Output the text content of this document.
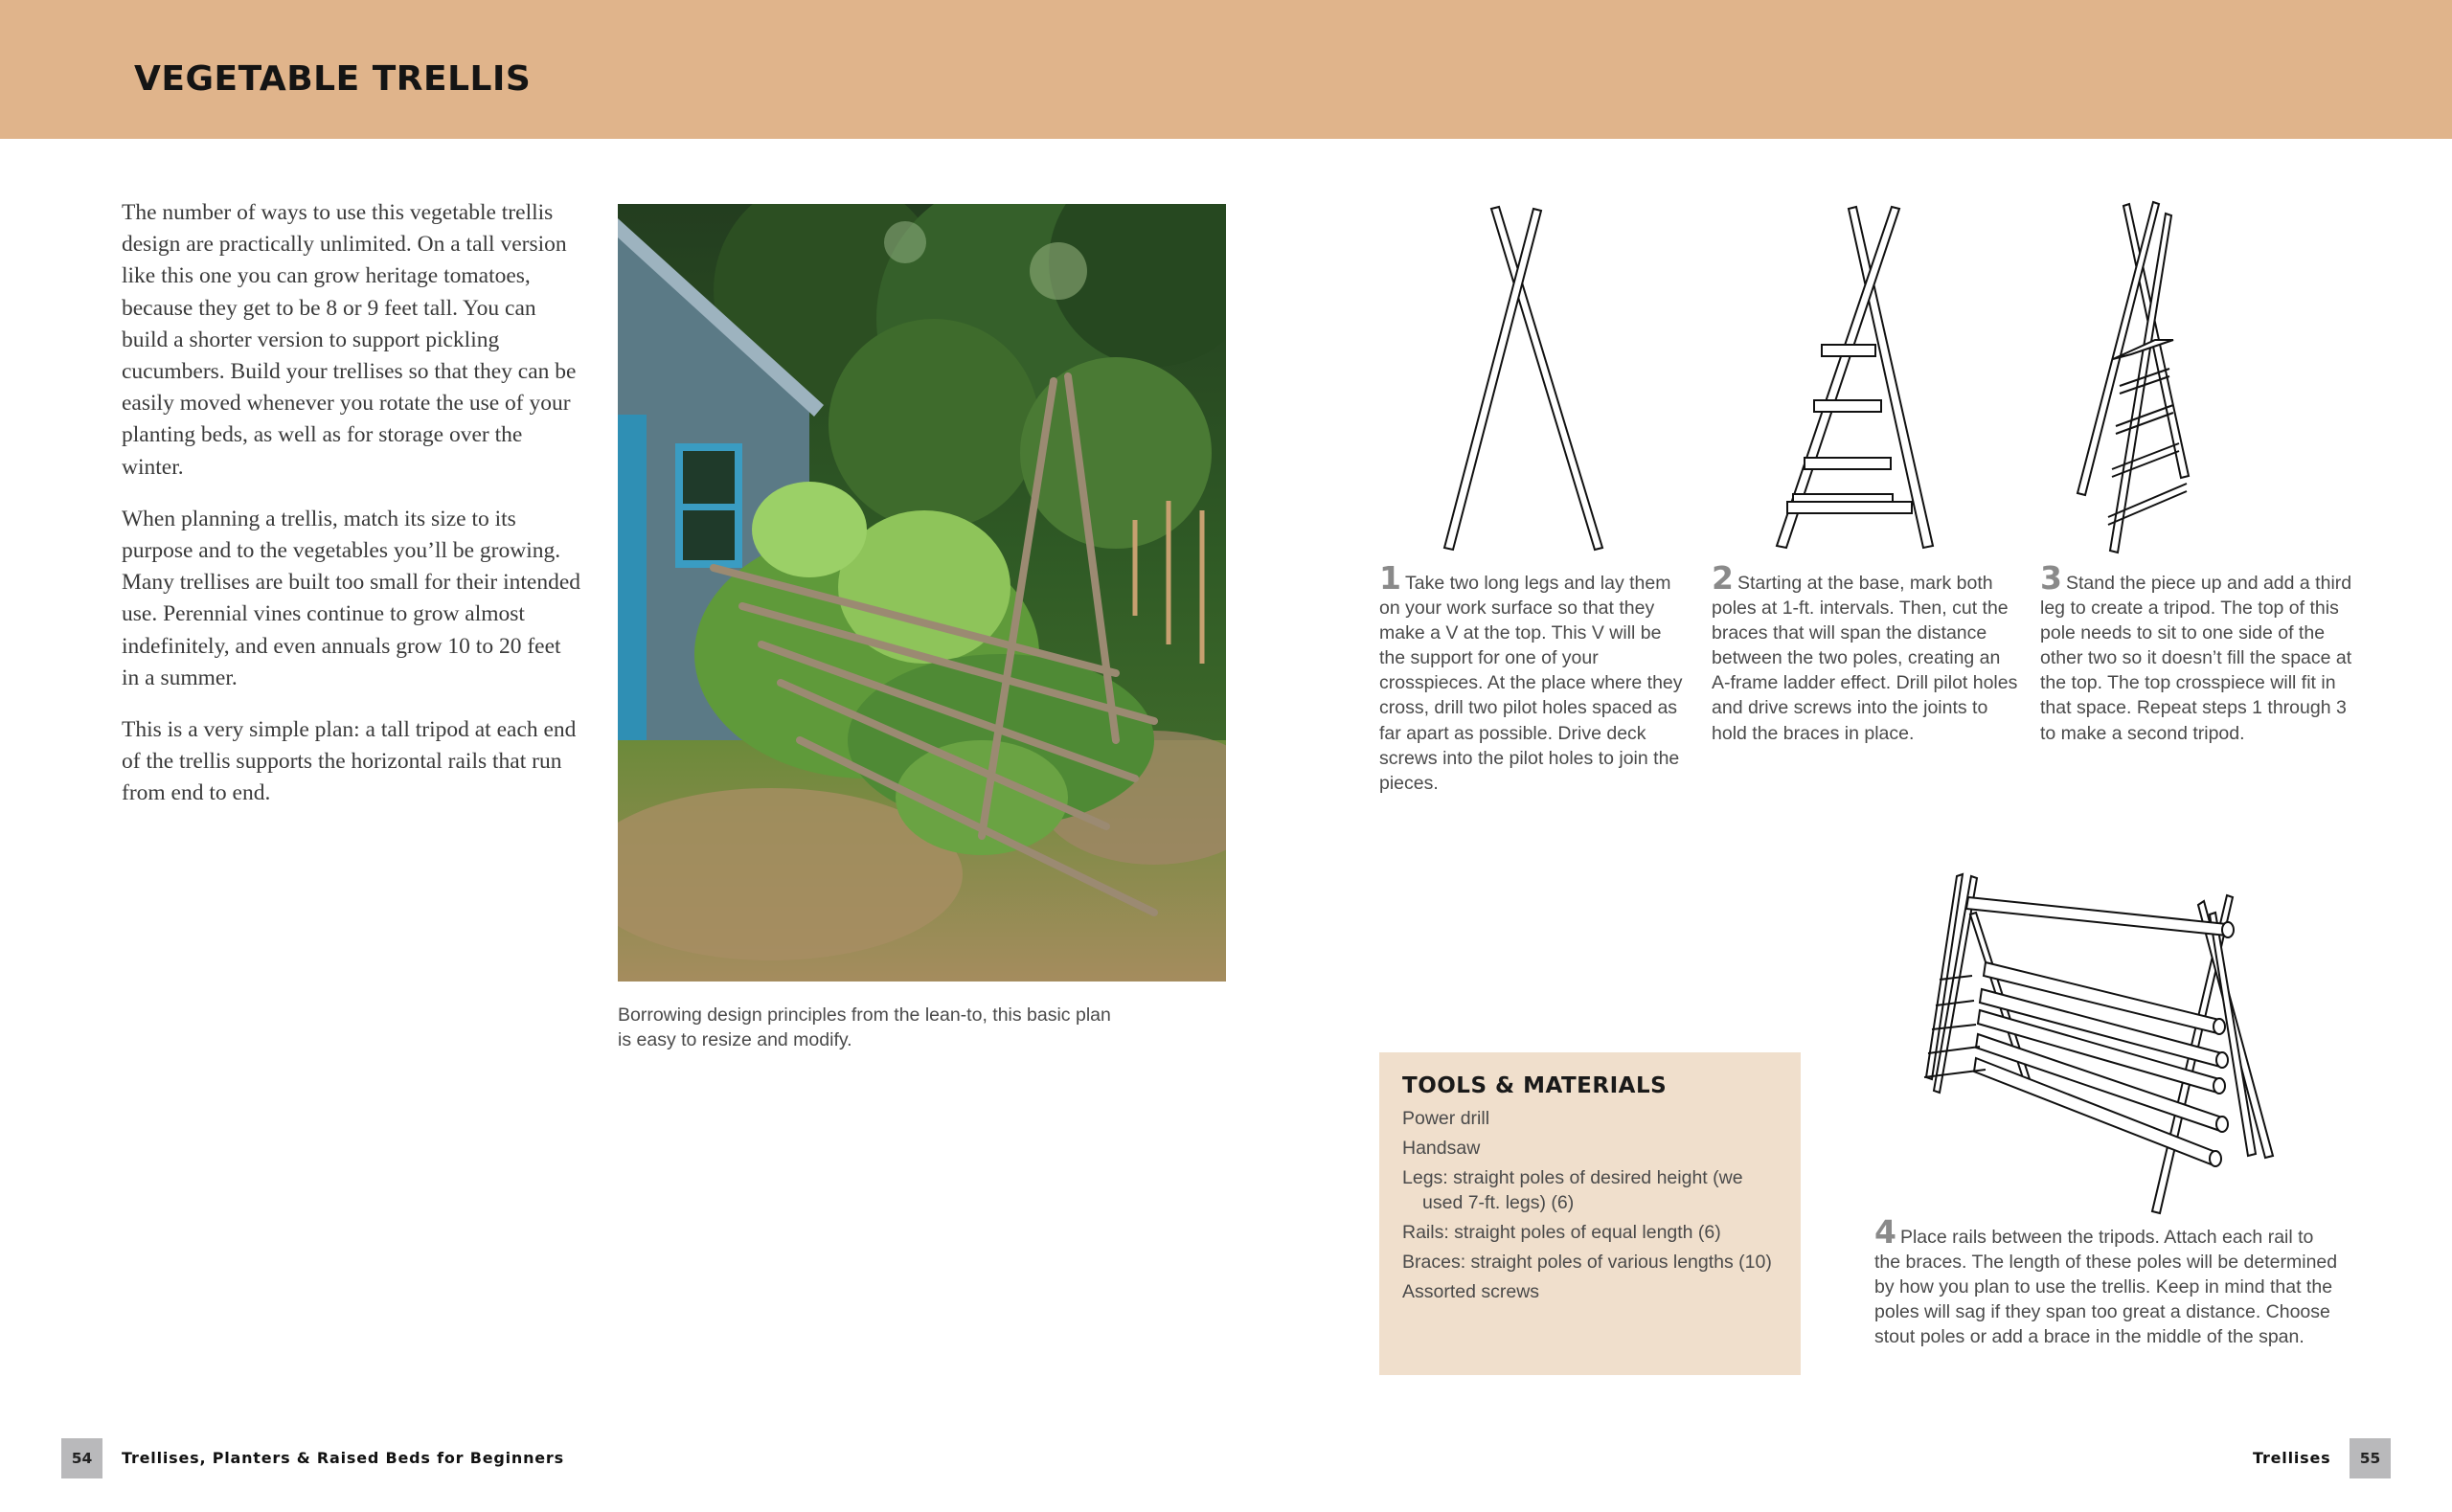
VEGETABLE TRELLIS

The number of ways to use this vegetable trellis design are practically unlimited. On a tall version like this one you can grow heritage tomatoes, because they get to be 8 or 9 feet tall. You can build a shorter version to support pickling cucumbers. Build your trellises so that they can be easily moved whenever you rotate the use of your planting beds, as well as for storage over the winter.

When planning a trellis, match its size to its purpose and to the vegetables you’ll be growing. Many trellises are built too small for their intended use. Perennial vines continue to grow almost indefinitely, and even annuals grow 10 to 20 feet in a summer.

This is a very simple plan: a tall tripod at each end of the trellis supports the horizontal rails that run from end to end.

Borrowing design principles from the lean-to, this basic plan is easy to resize and modify.
1 Take two long legs and lay them on your work surface so that they make a V at the top. This V will be the support for one of your crosspieces. At the place where they cross, drill two pilot holes spaced as far apart as possible. Drive deck screws into the pilot holes to join the pieces.
2 Starting at the base, mark both poles at 1-ft. intervals. Then, cut the braces that will span the distance between the two poles, creating an A-frame ladder effect. Drill pilot holes and drive screws into the joints to hold the braces in place.
3 Stand the piece up and add a third leg to create a tripod. The top of this pole needs to sit to one side of the other two so it doesn’t fill the space at the top. The top crosspiece will fit in that space. Repeat steps 1 through 3 to make a second tripod.
4 Place rails between the tripods. Attach each rail to the braces. The length of these poles will be determined by how you plan to use the trellis. Keep in mind that the poles will sag if they span too great a distance. Choose stout poles or add a brace in the middle of the span.
TOOLS & MATERIALS
Power drill
Handsaw
Legs: straight poles of desired height (we used 7-ft. legs) (6)
Rails: straight poles of equal length (6)
Braces: straight poles of various lengths (10)
Assorted screws
54	Trellises, Planters & Raised Beds for Beginners	Trellises	55
